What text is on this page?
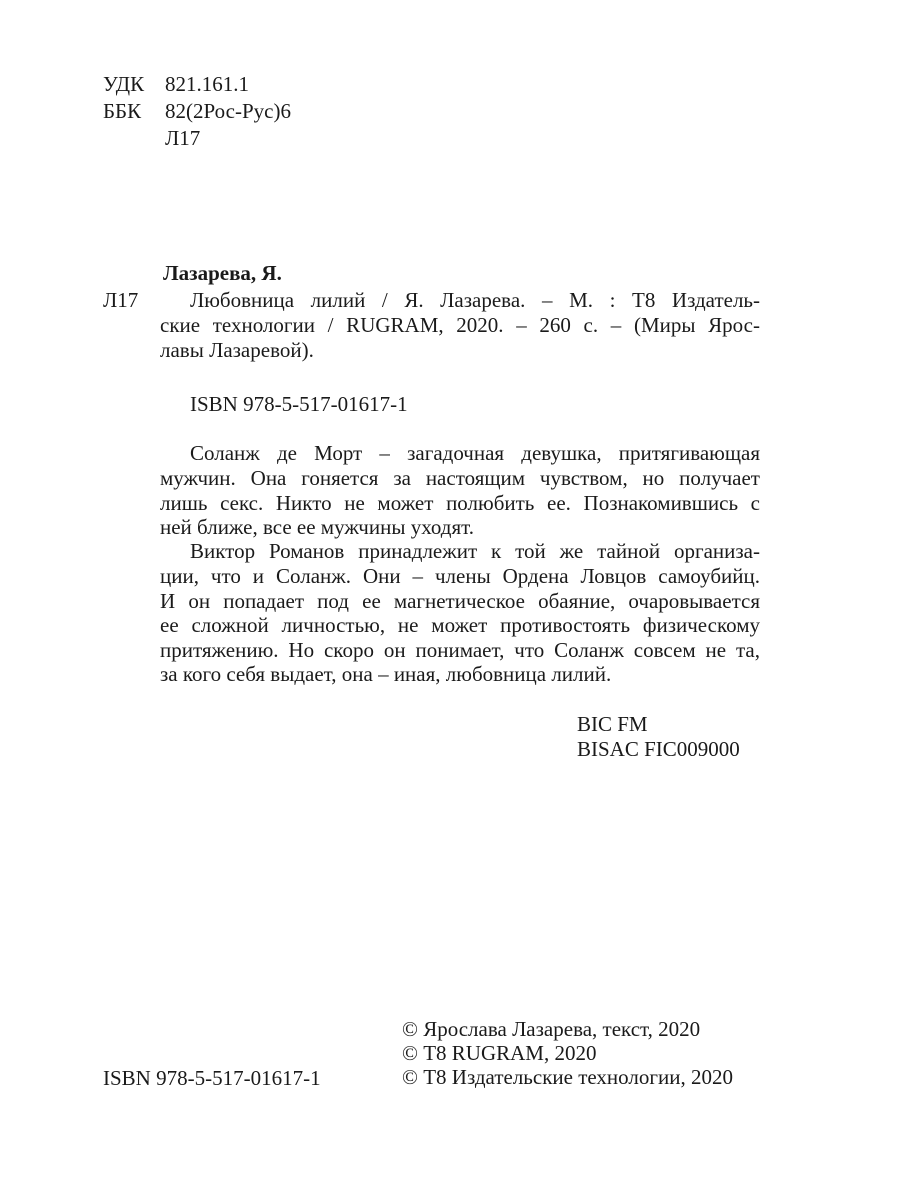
УДК 821.161.1
ББК 82(2Рос-Рус)6
Л17
Лазарева, Я.
Л17 Любовница лилий / Я. Лазарева. – М. : Т8 Издатель-
ские технологии / RUGRAM, 2020. – 260 с. – (Миры Ярос-
лавы Лазаревой).
ISBN 978-5-517-01617-1
Соланж де Морт – загадочная девушка, притягивающая
мужчин. Она гоняется за настоящим чувством, но получает
лишь секс. Никто не может полюбить ее. Познакомившись с
ней ближе, все ее мужчины уходят.
Виктор Романов принадлежит к той же тайной организа-
ции, что и Соланж. Они – члены Ордена Ловцов самоубийц.
И он попадает под ее магнетическое обаяние, очаровывается
ее сложной личностью, не может противостоять физическому
притяжению. Но скоро он понимает, что Соланж совсем не та,
за кого себя выдает, она – иная, любовница лилий.
BIC FM
BISAC FIC009000
ISBN 978-5-517-01617-1
© Ярослава Лазарева, текст, 2020
© Т8 RUGRAM, 2020
© Т8 Издательские технологии, 2020
